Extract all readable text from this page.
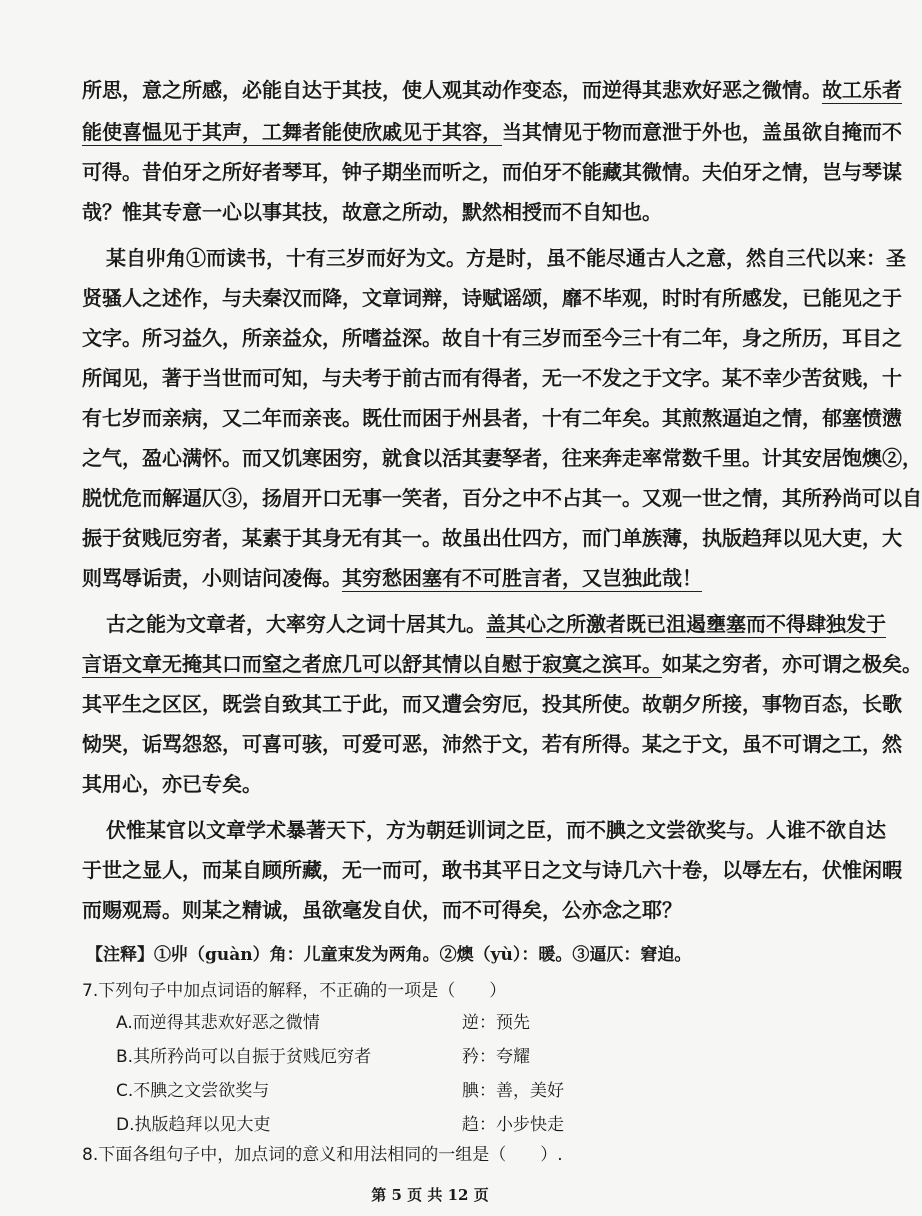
所思，意之所感，必能自达于其技，使人观其动作变态，而逆得其悲欢好恶之微情。故工乐者
能使喜愠见于其声，工舞者能使欣戚见于其容，当其情见于物而意泄于外也，盖虽欲自掩而不
可得。昔伯牙之所好者琴耳，钟子期坐而听之，而伯牙不能藏其微情。夫伯牙之情，岂与琴谋
哉？惟其专意一心以事其技，故意之所动，默然相授而不自知也。
某自丱角①而读书，十有三岁而好为文。方是时，虽不能尽通古人之意，然自三代以来：圣
贤骚人之述作，与夫秦汉而降，文章词辩，诗赋谣颂，靡不毕观，时时有所感发，已能见之于
文字。所习益久，所亲益众，所嗜益深。故自十有三岁而至今三十有二年，身之所历，耳目之
所闻见，著于当世而可知，与夫考于前古而有得者，无一不发之于文字。某不幸少苦贫贱，十
有七岁而亲病，又二年而亲丧。既仕而困于州县者，十有二年矣。其煎熬逼迫之情，郁塞愤懑
之气，盈心满怀。而又饥寒困穷，就食以活其妻孥者，往来奔走率常数千里。计其安居饱燠②，
脱忧危而解逼仄③，扬眉开口无事一笑者，百分之中不占其一。又观一世之情，其所矜尚可以自
振于贫贱厄穷者，某素于其身无有其一。故虽出仕四方，而门单族薄，执版趋拜以见大吏，大
则骂辱诟责，小则诘问凌侮。其穷愁困塞有不可胜言者，又岂独此哉！
古之能为文章者，大率穷人之词十居其九。盖其心之所激者既已沮遏壅塞而不得肆独发于
言语文章无掩其口而窒之者庶几可以舒其情以自慰于寂寞之滨耳。如某之穷者，亦可谓之极矣。
其平生之区区，既尝自致其工于此，而又遭会穷厄，投其所使。故朝夕所接，事物百态，长歌
恸哭，诟骂怨怒，可喜可骇，可爱可恶，沛然于文，若有所得。某之于文，虽不可谓之工，然
其用心，亦已专矣。
伏惟某官以文章学术暴著天下，方为朝廷训词之臣，而不腆之文尝欲奖与。人谁不欲自达
于世之显人，而某自顾所藏，无一而可，敢书其平日之文与诗几六十卷，以辱左右，伏惟闲暇
而赐观焉。则某之精诚，虽欲毫发自伏，而不可得矣，公亦念之耶？
【注释】①丱（guàn）角：儿童束发为两角。②燠（yù）：暖。③逼仄：窘迫。
7.下列句子中加点词语的解释，不正确的一项是（　　）
A.而逆得其悲欢好恶之微情	逆：预先
B.其所矜尚可以自振于贫贱厄穷者	矜：夸耀
C.不腆之文尝欲奖与	腆：善，美好
D.执版趋拜以见大吏	趋：小步快走
第 5 页 共 12 页
8.下面各组句子中，加点词的意义和用法相同的一组是（　　）.
